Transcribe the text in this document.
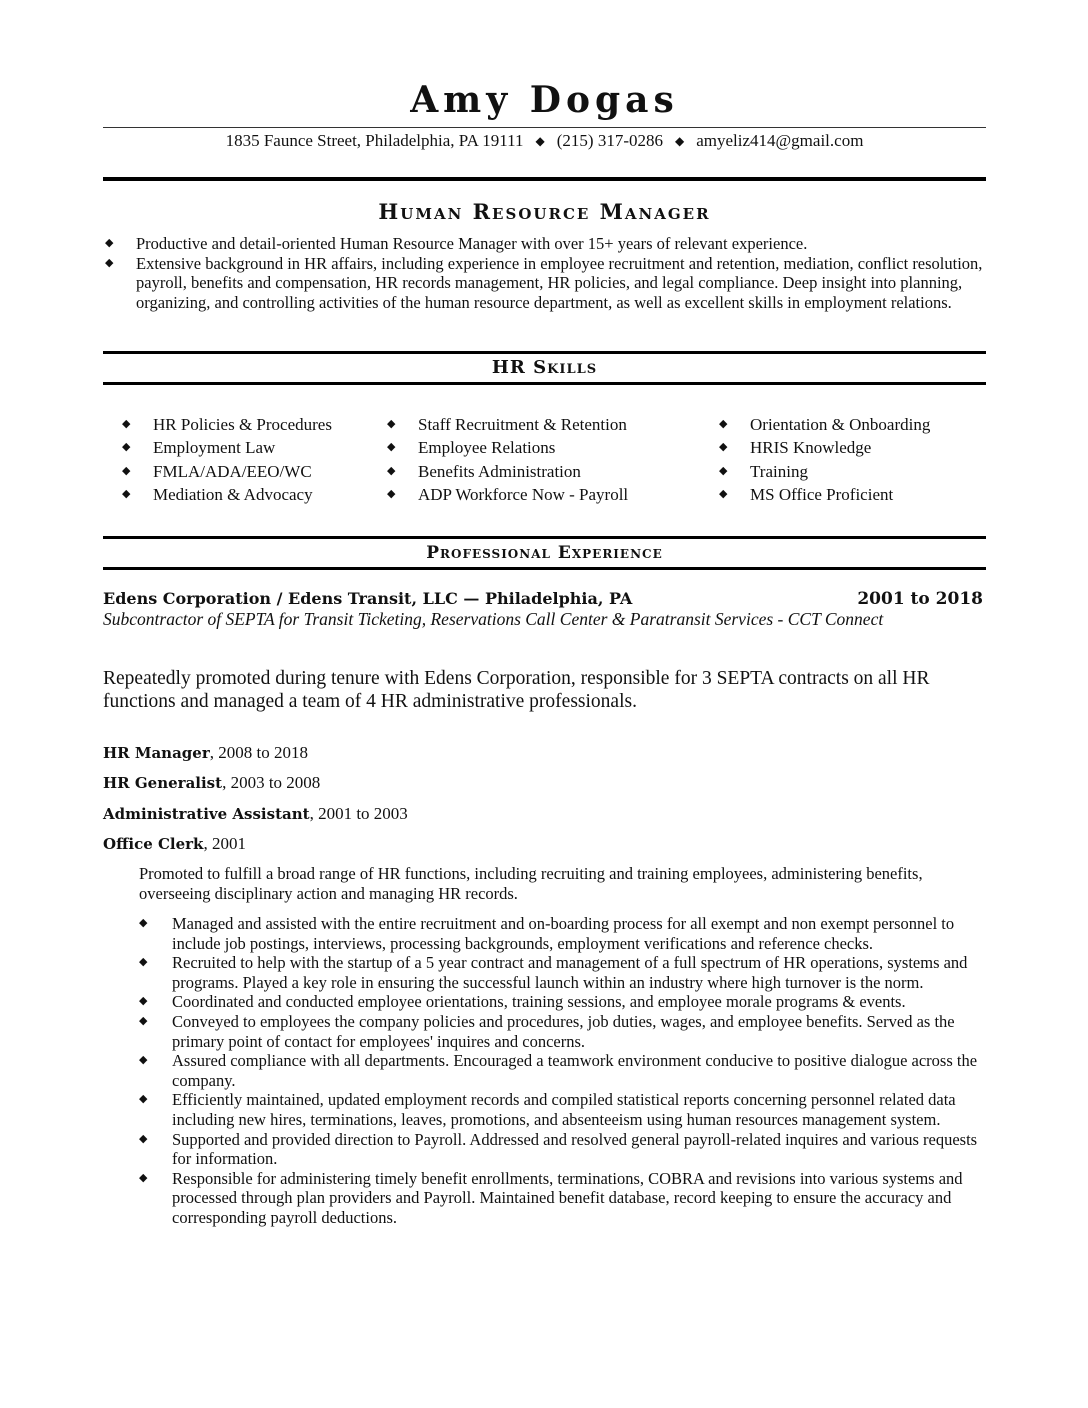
Amy Dogas
1835 Faunce Street, Philadelphia, PA 19111 ◆ (215) 317-0286 ◆ amyeliz414@gmail.com
Human Resource Manager
◆ Productive and detail-oriented Human Resource Manager with over 15+ years of relevant experience.
◆ Extensive background in HR affairs, including experience in employee recruitment and retention, mediation, conflict resolution, payroll, benefits and compensation, HR records management, HR policies, and legal compliance. Deep insight into planning, organizing, and controlling activities of the human resource department, as well as excellent skills in employment relations.
HR Skills
◆ HR Policies & Procedures
◆ Employment Law
◆ FMLA/ADA/EEO/WC
◆ Mediation & Advocacy
◆ Staff Recruitment & Retention
◆ Employee Relations
◆ Benefits Administration
◆ ADP Workforce Now - Payroll
◆ Orientation & Onboarding
◆ HRIS Knowledge
◆ Training
◆ MS Office Proficient
Professional Experience
Edens Corporation / Edens Transit, LLC — Philadelphia, PA	2001 to 2018
Subcontractor of SEPTA for Transit Ticketing, Reservations Call Center & Paratransit Services - CCT Connect
Repeatedly promoted during tenure with Edens Corporation, responsible for 3 SEPTA contracts on all HR functions and managed a team of 4 HR administrative professionals.
HR Manager, 2008 to 2018
HR Generalist, 2003 to 2008
Administrative Assistant, 2001 to 2003
Office Clerk, 2001
Promoted to fulfill a broad range of HR functions, including recruiting and training employees, administering benefits, overseeing disciplinary action and managing HR records.
◆ Managed and assisted with the entire recruitment and on-boarding process for all exempt and non exempt personnel to include job postings, interviews, processing backgrounds, employment verifications and reference checks.
◆ Recruited to help with the startup of a 5 year contract and management of a full spectrum of HR operations, systems and programs. Played a key role in ensuring the successful launch within an industry where high turnover is the norm.
◆ Coordinated and conducted employee orientations, training sessions, and employee morale programs & events.
◆ Conveyed to employees the company policies and procedures, job duties, wages, and employee benefits. Served as the primary point of contact for employees' inquires and concerns.
◆ Assured compliance with all departments. Encouraged a teamwork environment conducive to positive dialogue across the company.
◆ Efficiently maintained, updated employment records and compiled statistical reports concerning personnel related data including new hires, terminations, leaves, promotions, and absenteeism using human resources management system.
◆ Supported and provided direction to Payroll. Addressed and resolved general payroll-related inquires and various requests for information.
◆ Responsible for administering timely benefit enrollments, terminations, COBRA and revisions into various systems and processed through plan providers and Payroll. Maintained benefit database, record keeping to ensure the accuracy and corresponding payroll deductions.
